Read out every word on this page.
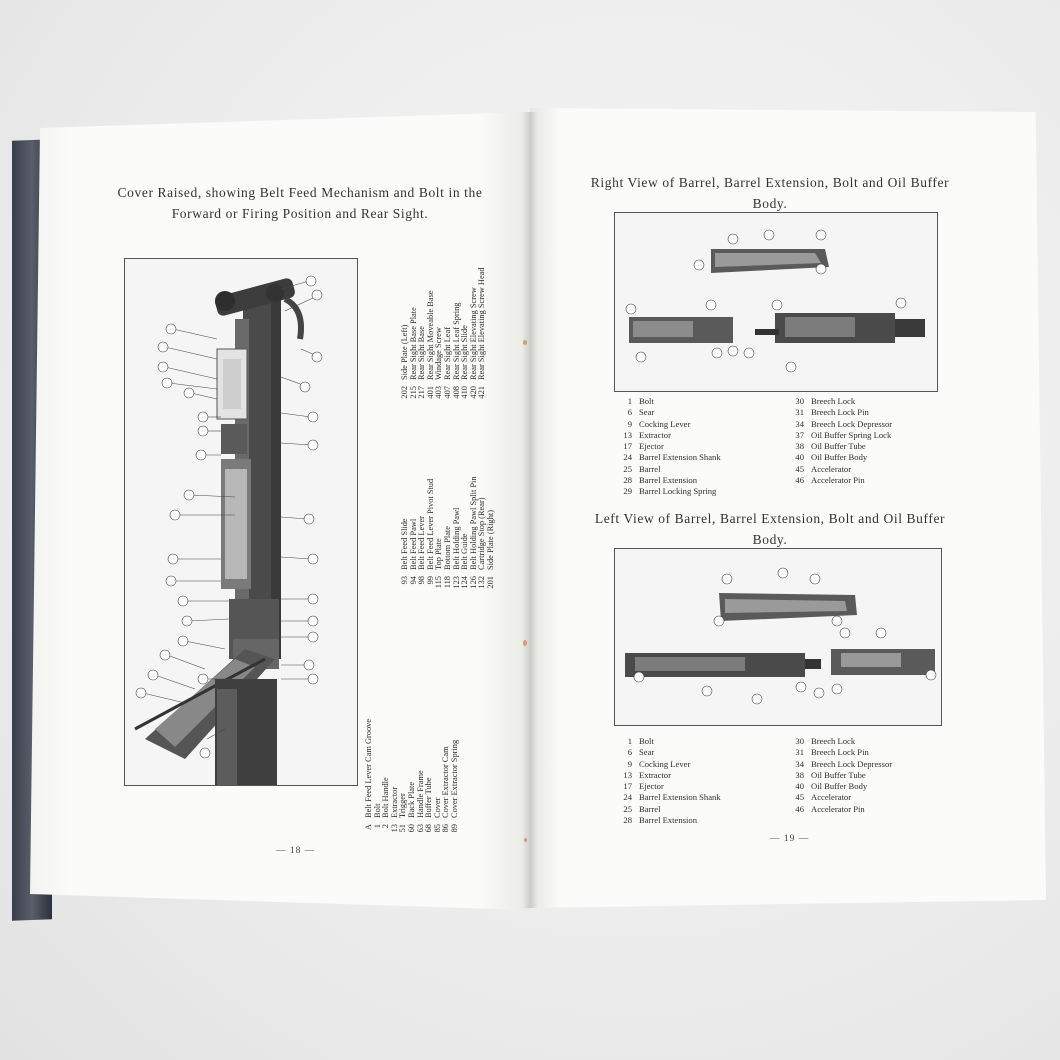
Cover Raised, showing Belt Feed Mechanism and Bolt in the
Forward or Firing Position and Rear Sight.
ABelt Feed Lever Cam Groove
1Bolt
2Bolt Handle
13Extractor
51Trigger
60Back Plate
63Handle Frame
68Buffer Tube
85Cover
86Cover Extractor Cam
89Cover Extractor Spring
93Belt Feed Slide
94Belt Feed Pawl
98Belt Feed Lever
99Belt Feed Lever Pivot Stud
115Top Plate
118Bottom Plate
123Belt Holding Pawl
124Belt Guide
126Belt Holding Pawl Split Pin
132Cartridge Stop (Rear)
201Side Plate (Right)
202Side Plate (Left)
215Rear Sight Base Plate
217Rear Sight Base
401Rear Sight Moveable Base
403Windage Screw
407Rear Sight Leaf
408Rear Sight Leaf Spring
410Rear Sight Slide
420Rear Sight Elevating Screw
421Rear Sight Elevating Screw Head
— 18 —
Right View of Barrel, Barrel Extension, Bolt and Oil Buffer
Body.
1 Bolt
6 Sear
9 Cocking Lever
13 Extractor
17 Ejector
24 Barrel Extension Shank
25 Barrel
28 Barrel Extension
29 Barrel Locking Spring
30 Breech Lock
31 Breech Lock Pin
34 Breech Lock Depressor
37 Oil Buffer Spring Lock
38 Oil Buffer Tube
40 Oil Buffer Body
45 Accelerator
46 Accelerator Pin
Left View of Barrel, Barrel Extension, Bolt and Oil Buffer
Body.
1 Bolt
6 Sear
9 Cocking Lever
13 Extractor
17 Ejector
24 Barrel Extension Shank
25 Barrel
28 Barrel Extension
30 Breech Lock
31 Breech Lock Pin
34 Breech Lock Depressor
38 Oil Buffer Tube
40 Oil Buffer Body
45 Accelerator
46 Accelerator Pin
— 19 —
